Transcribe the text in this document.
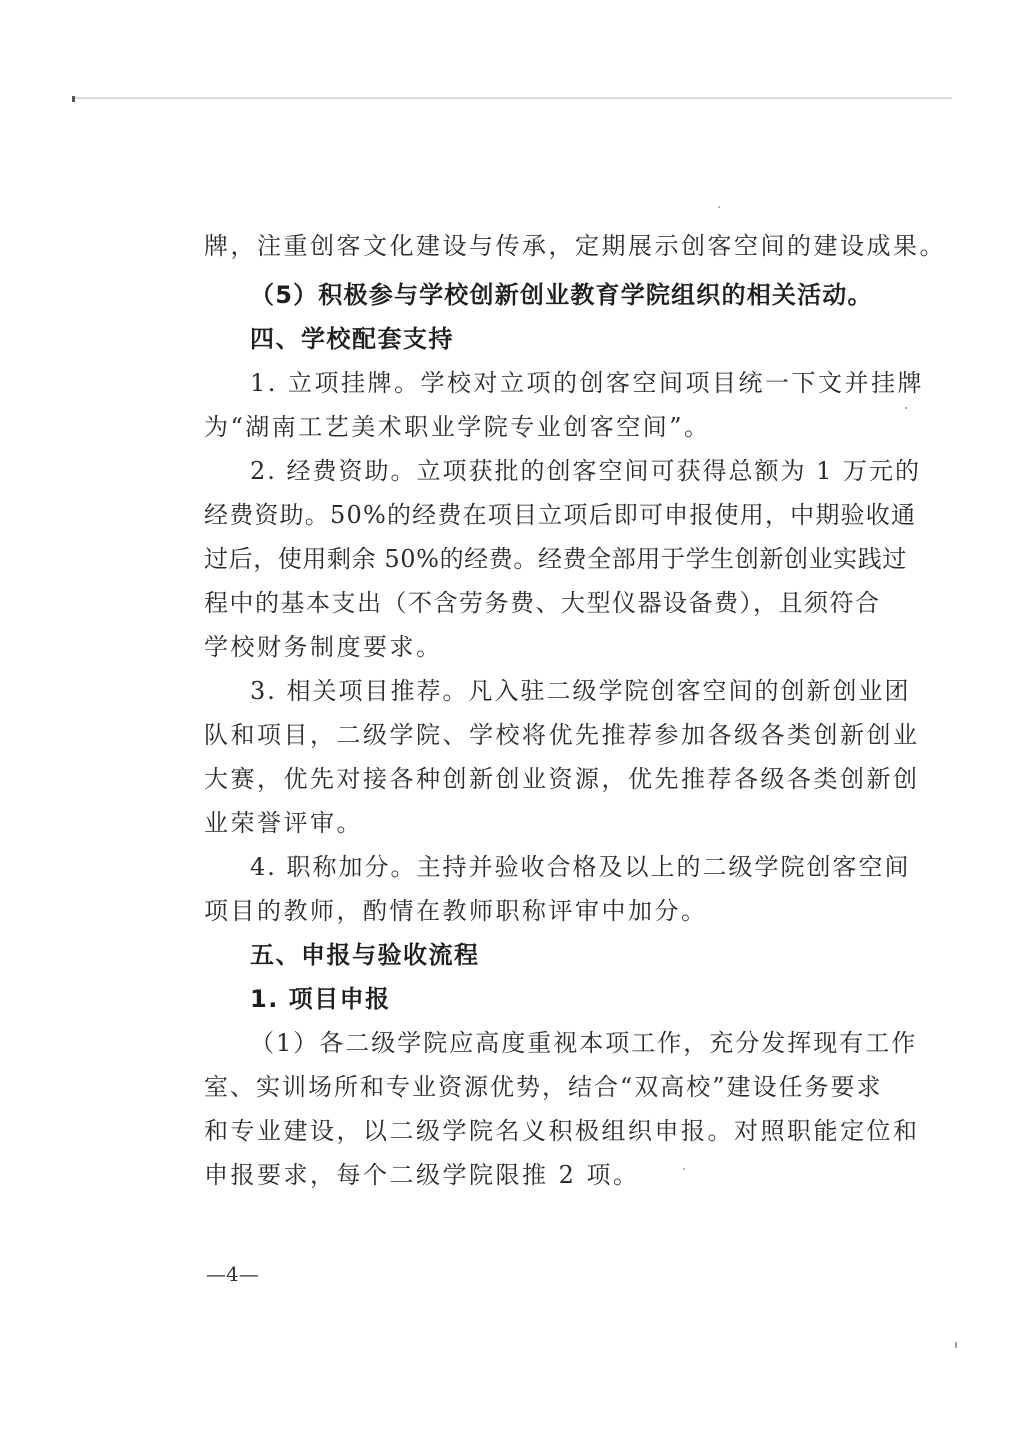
牌，注重创客文化建设与传承，定期展示创客空间的建设成果。
（5）积极参与学校创新创业教育学院组织的相关活动。
四、学校配套支持
1. 立项挂牌。学校对立项的创客空间项目统一下文并挂牌
为“湖南工艺美术职业学院专业创客空间”。
2. 经费资助。立项获批的创客空间可获得总额为 1 万元的
经费资助。50%的经费在项目立项后即可申报使用，中期验收通
过后，使用剩余 50%的经费。经费全部用于学生创新创业实践过
程中的基本支出（不含劳务费、大型仪器设备费），且须符合
学校财务制度要求。
3. 相关项目推荐。凡入驻二级学院创客空间的创新创业团
队和项目，二级学院、学校将优先推荐参加各级各类创新创业
大赛，优先对接各种创新创业资源，优先推荐各级各类创新创
业荣誉评审。
4. 职称加分。主持并验收合格及以上的二级学院创客空间
项目的教师，酌情在教师职称评审中加分。
五、申报与验收流程
1. 项目申报
（1）各二级学院应高度重视本项工作，充分发挥现有工作
室、实训场所和专业资源优势，结合“双高校”建设任务要求
和专业建设，以二级学院名义积极组织申报。对照职能定位和
申报要求，每个二级学院限推 2 项。
—4—
